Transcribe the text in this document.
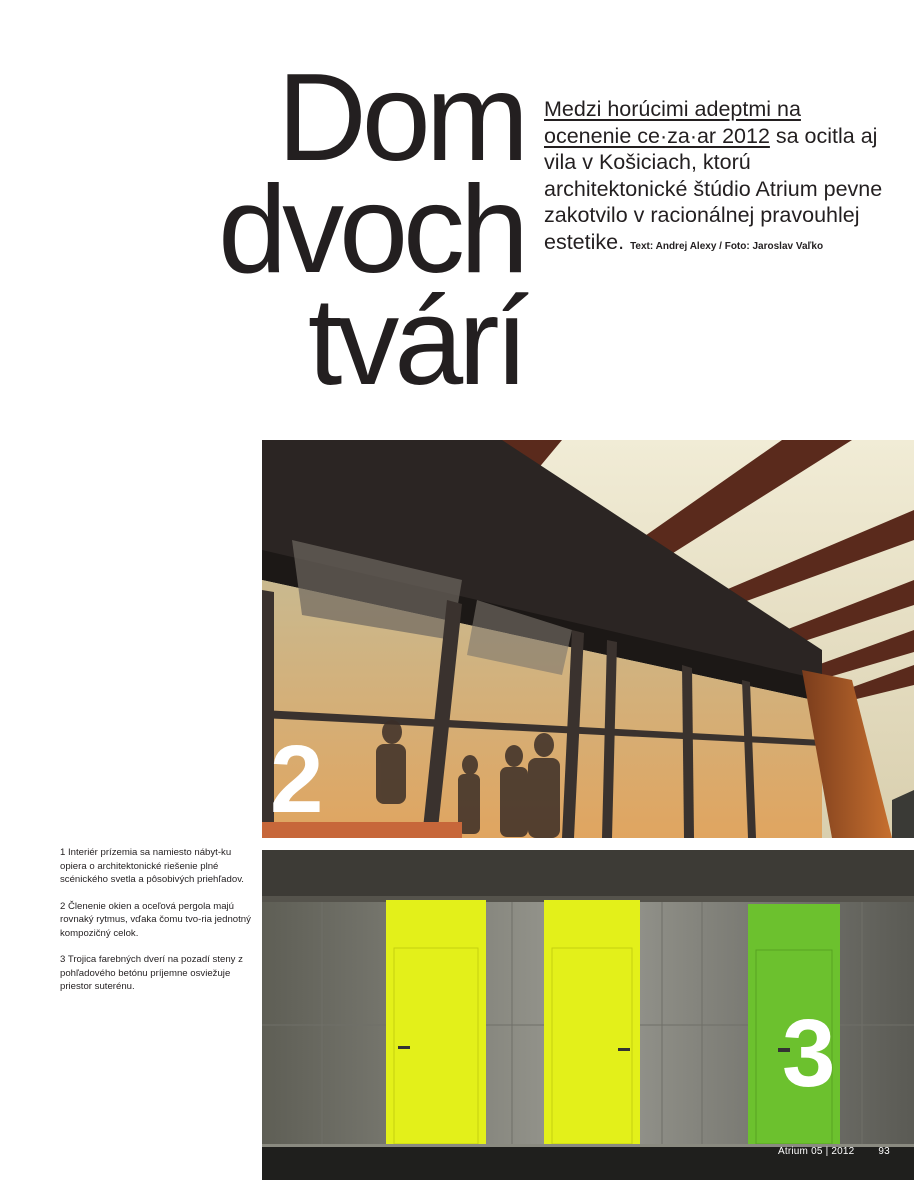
Dom
dvoch
tvárí

Medzi horúcimi adeptmi na
ocenenie ce·za·ar 2012 sa ocitla aj vila v Košiciach, ktorú architektonické štúdio Atrium pevne zakotvilo v racionálnej pravouhlej estetike. Text: Andrej Alexy / Foto: Jaroslav Vaľko

2
3

1 Interiér prízemia sa namiesto nábyt-ku opiera o architektonické riešenie plné scénického svetla a pôsobivých priehľadov.

2 Členenie okien a oceľová pergola majú rovnaký rytmus, vďaka čomu tvo-ria jednotný kompozičný celok.

3 Trojica farebných dverí na pozadí steny z pohľadového betónu príjemne osviežuje priestor suterénu.

Atrium 05 | 2012 93
